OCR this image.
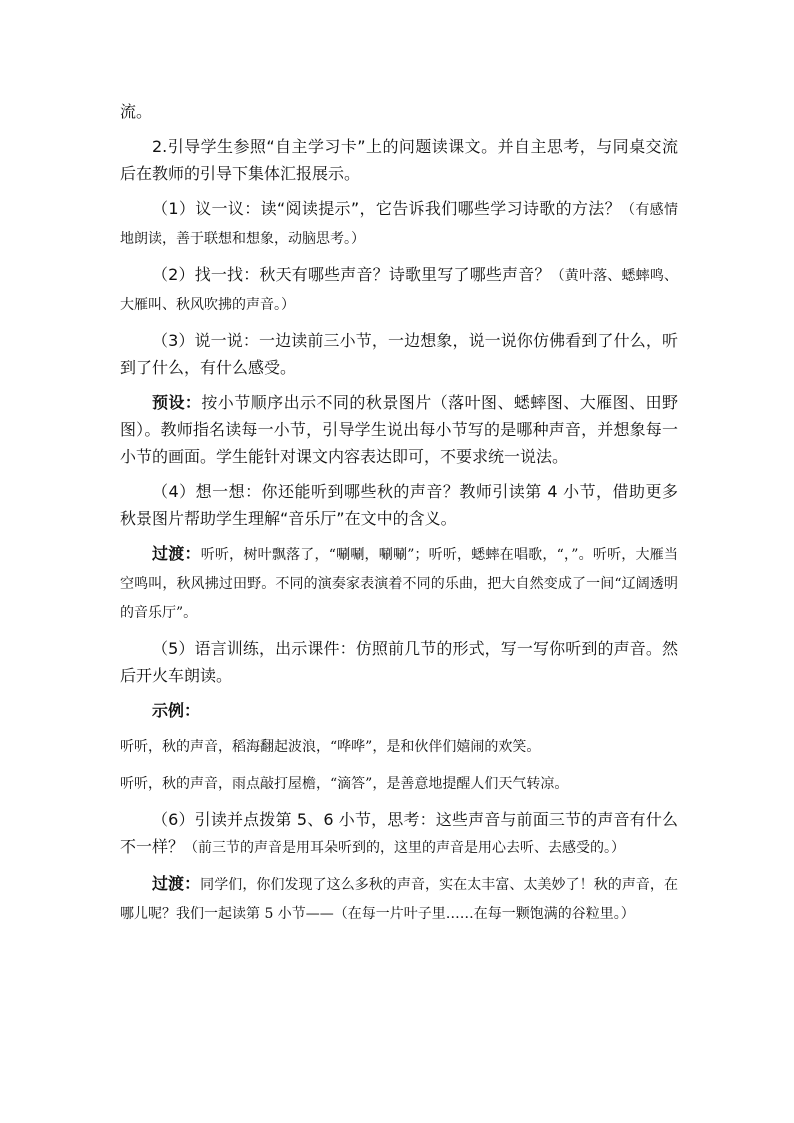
流。

2.引导学生参照“自主学习卡”上的问题读课文。并自主思考，与同桌交流后在教师的引导下集体汇报展示。

（1）议一议：读“阅读提示”，它告诉我们哪些学习诗歌的方法？（有感情地朗读，善于联想和想象，动脑思考。）

（2）找一找：秋天有哪些声音？诗歌里写了哪些声音？（黄叶落、蟋蟀鸣、大雁叫、秋风吹拂的声音。）

（3）说一说：一边读前三小节，一边想象，说一说你仿佛看到了什么，听到了什么，有什么感受。

预设：按小节顺序出示不同的秋景图片（落叶图、蟋蟀图、大雁图、田野图）。教师指名读每一小节，引导学生说出每小节写的是哪种声音，并想象每一小节的画面。学生能针对课文内容表达即可，不要求统一说法。

（4）想一想：你还能听到哪些秋的声音？教师引读第 4 小节，借助更多秋景图片帮助学生理解“音乐厅”在文中的含义。

过渡：听听，树叶飘落了，“唰唰，唰唰”；听听，蟋蟀在唱歌，“，”。听听，大雁当空鸣叫，秋风拂过田野。不同的演奏家表演着不同的乐曲，把大自然变成了一间“辽阔透明的音乐厅”。

（5）语言训练，出示课件：仿照前几节的形式，写一写你听到的声音。然后开火车朗读。

示例：

听听，秋的声音，稻海翻起波浪，“哗哗”，是和伙伴们嬉闹的欢笑。

听听，秋的声音，雨点敲打屋檐，“滴答”，是善意地提醒人们天气转凉。

（6）引读并点拨第 5、6 小节，思考：这些声音与前面三节的声音有什么不一样？（前三节的声音是用耳朵听到的，这里的声音是用心去听、去感受的。）

过渡：同学们，你们发现了这么多秋的声音，实在太丰富、太美妙了！秋的声音，在哪儿呢？我们一起读第 5 小节——（在每一片叶子里……在每一颗饱满的谷粒里。）
